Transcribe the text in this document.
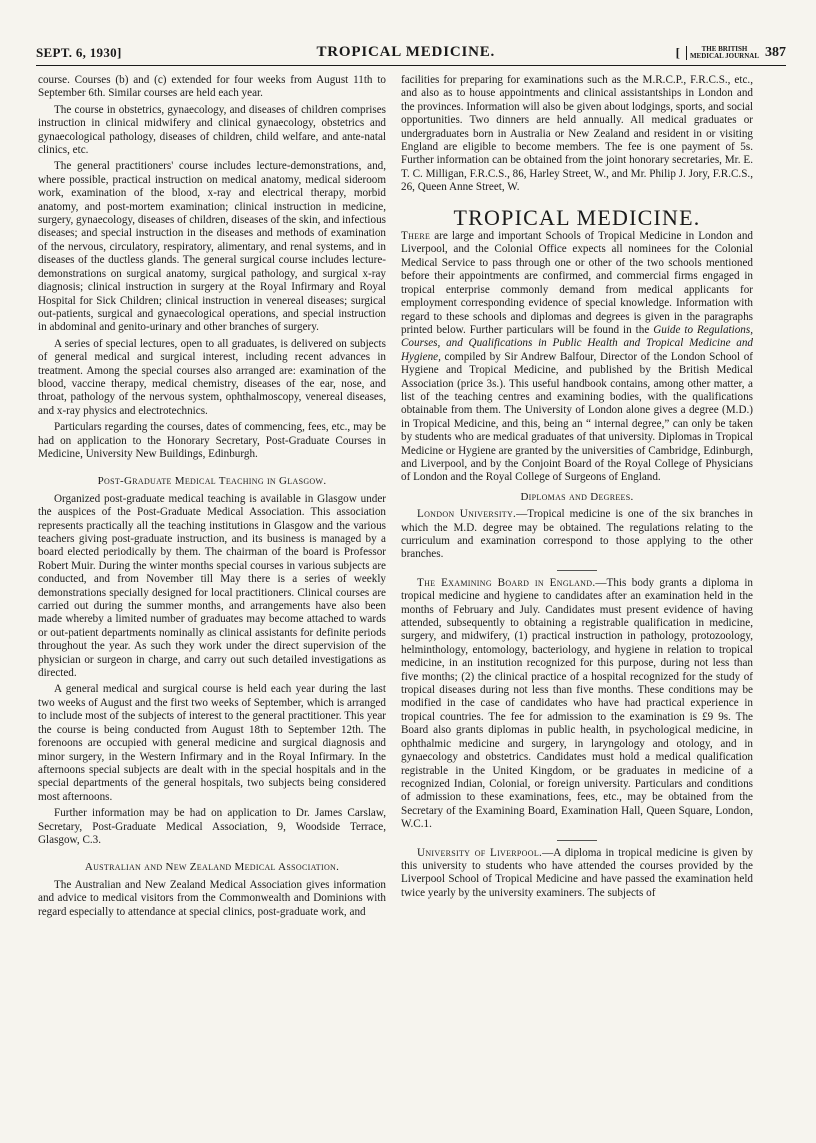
SEPT. 6, 1930]	TROPICAL MEDICINE.	[	THE BRITISH
MEDICAL JOURNAL 387

course. Courses (b) and (c) extended for four weeks from August 11th to September 6th. Similar courses are held each year.

The course in obstetrics, gynaecology, and diseases of children comprises instruction in clinical midwifery and clinical gynaecology, obstetrics and gynaecological pathology, diseases of children, child welfare, and ante-natal clinics, etc.

The general practitioners' course includes lecture-demonstrations, and, where possible, practical instruction on medical anatomy, medical sideroom work, examination of the blood, x-ray and electrical therapy, morbid anatomy, and post-mortem examination; clinical instruction in medicine, surgery, gynaecology, diseases of children, diseases of the skin, and infectious diseases; and special instruction in the diseases and methods of examination of the nervous, circulatory, respiratory, alimentary, and renal systems, and in diseases of the ductless glands. The general surgical course includes lecture-demonstrations on surgical anatomy, surgical pathology, and surgical x-ray diagnosis; clinical instruction in surgery at the Royal Infirmary and Royal Hospital for Sick Children; clinical instruction in venereal diseases; surgical out-patients, surgical and gynaecological operations, and special instruction in abdominal and genito-urinary and other branches of surgery.

A series of special lectures, open to all graduates, is delivered on subjects of general medical and surgical interest, including recent advances in treatment. Among the special courses also arranged are: examination of the blood, vaccine therapy, medical chemistry, diseases of the ear, nose, and throat, pathology of the nervous system, ophthalmoscopy, venereal diseases, and x-ray physics and electrotechnics.

Particulars regarding the courses, dates of commencing, fees, etc., may be had on application to the Honorary Secretary, Post-Graduate Courses in Medicine, University New Buildings, Edinburgh.

Post-Graduate Medical Teaching in Glasgow.

Organized post-graduate medical teaching is available in Glasgow under the auspices of the Post-Graduate Medical Association. This association represents practically all the teaching institutions in Glasgow and the various teachers giving post-graduate instruction, and its business is managed by a board elected periodically by them. The chairman of the board is Professor Robert Muir. During the winter months special courses in various subjects are conducted, and from November till May there is a series of weekly demonstrations specially designed for local practitioners. Clinical courses are carried out during the summer months, and arrangements have also been made whereby a limited number of graduates may become attached to wards or out-patient departments nominally as clinical assistants for definite periods throughout the year. As such they work under the direct supervision of the physician or surgeon in charge, and carry out such detailed investigations as directed.

A general medical and surgical course is held each year during the last two weeks of August and the first two weeks of September, which is arranged to include most of the subjects of interest to the general practitioner. This year the course is being conducted from August 18th to September 12th. The forenoons are occupied with general medicine and surgical diagnosis and minor surgery, in the Western Infirmary and in the Royal Infirmary. In the afternoons special subjects are dealt with in the special hospitals and in the special departments of the general hospitals, two subjects being considered most afternoons.

Further information may be had on application to Dr. James Carslaw, Secretary, Post-Graduate Medical Association, 9, Woodside Terrace, Glasgow, C.3.

Australian and New Zealand Medical Association.

The Australian and New Zealand Medical Association gives information and advice to medical visitors from the Commonwealth and Dominions with regard especially to attendance at special clinics, post-graduate work, and

facilities for preparing for examinations such as the M.R.C.P., F.R.C.S., etc., and also as to house appointments and clinical assistantships in London and the provinces. Information will also be given about lodgings, sports, and social opportunities. Two dinners are held annually. All medical graduates or undergraduates born in Australia or New Zealand and resident in or visiting England are eligible to become members. The fee is one payment of 5s. Further information can be obtained from the joint honorary secretaries, Mr. E. T. C. Milligan, F.R.C.S., 86, Harley Street, W., and Mr. Philip J. Jory, F.R.C.S., 26, Queen Anne Street, W.

TROPICAL MEDICINE.

There are large and important Schools of Tropical Medicine in London and Liverpool, and the Colonial Office expects all nominees for the Colonial Medical Service to pass through one or other of the two schools mentioned before their appointments are confirmed, and commercial firms engaged in tropical enterprise commonly demand from medical applicants for employment corresponding evidence of special knowledge. Information with regard to these schools and diplomas and degrees is given in the paragraphs printed below. Further particulars will be found in the Guide to Regulations, Courses, and Qualifications in Public Health and Tropical Medicine and Hygiene, compiled by Sir Andrew Balfour, Director of the London School of Hygiene and Tropical Medicine, and published by the British Medical Association (price 3s.). This useful handbook contains, among other matter, a list of the teaching centres and examining bodies, with the qualifications obtainable from them. The University of London alone gives a degree (M.D.) in Tropical Medicine, and this, being an “ internal degree,” can only be taken by students who are medical graduates of that university. Diplomas in Tropical Medicine or Hygiene are granted by the universities of Cambridge, Edinburgh, and Liverpool, and by the Conjoint Board of the Royal College of Physicians of London and the Royal College of Surgeons of England.

Diplomas and Degrees.

London University.—Tropical medicine is one of the six branches in which the M.D. degree may be obtained. The regulations relating to the curriculum and examination correspond to those applying to the other branches.

The Examining Board in England.—This body grants a diploma in tropical medicine and hygiene to candidates after an examination held in the months of February and July. Candidates must present evidence of having attended, subsequently to obtaining a registrable qualification in medicine, surgery, and midwifery, (1) practical instruction in pathology, protozoology, helminthology, entomology, bacteriology, and hygiene in relation to tropical medicine, in an institution recognized for this purpose, during not less than five months; (2) the clinical practice of a hospital recognized for the study of tropical diseases during not less than five months. These conditions may be modified in the case of candidates who have had practical experience in tropical countries. The fee for admission to the examination is £9 9s. The Board also grants diplomas in public health, in psychological medicine, in ophthalmic medicine and surgery, in laryngology and otology, and in gynaecology and obstetrics. Candidates must hold a medical qualification registrable in the United Kingdom, or be graduates in medicine of a recognized Indian, Colonial, or foreign university. Particulars and conditions of admission to these examinations, fees, etc., may be obtained from the Secretary of the Examining Board, Examination Hall, Queen Square, London, W.C.1.

University of Liverpool.—A diploma in tropical medicine is given by this university to students who have attended the courses provided by the Liverpool School of Tropical Medicine and have passed the examination held twice yearly by the university examiners. The subjects of
